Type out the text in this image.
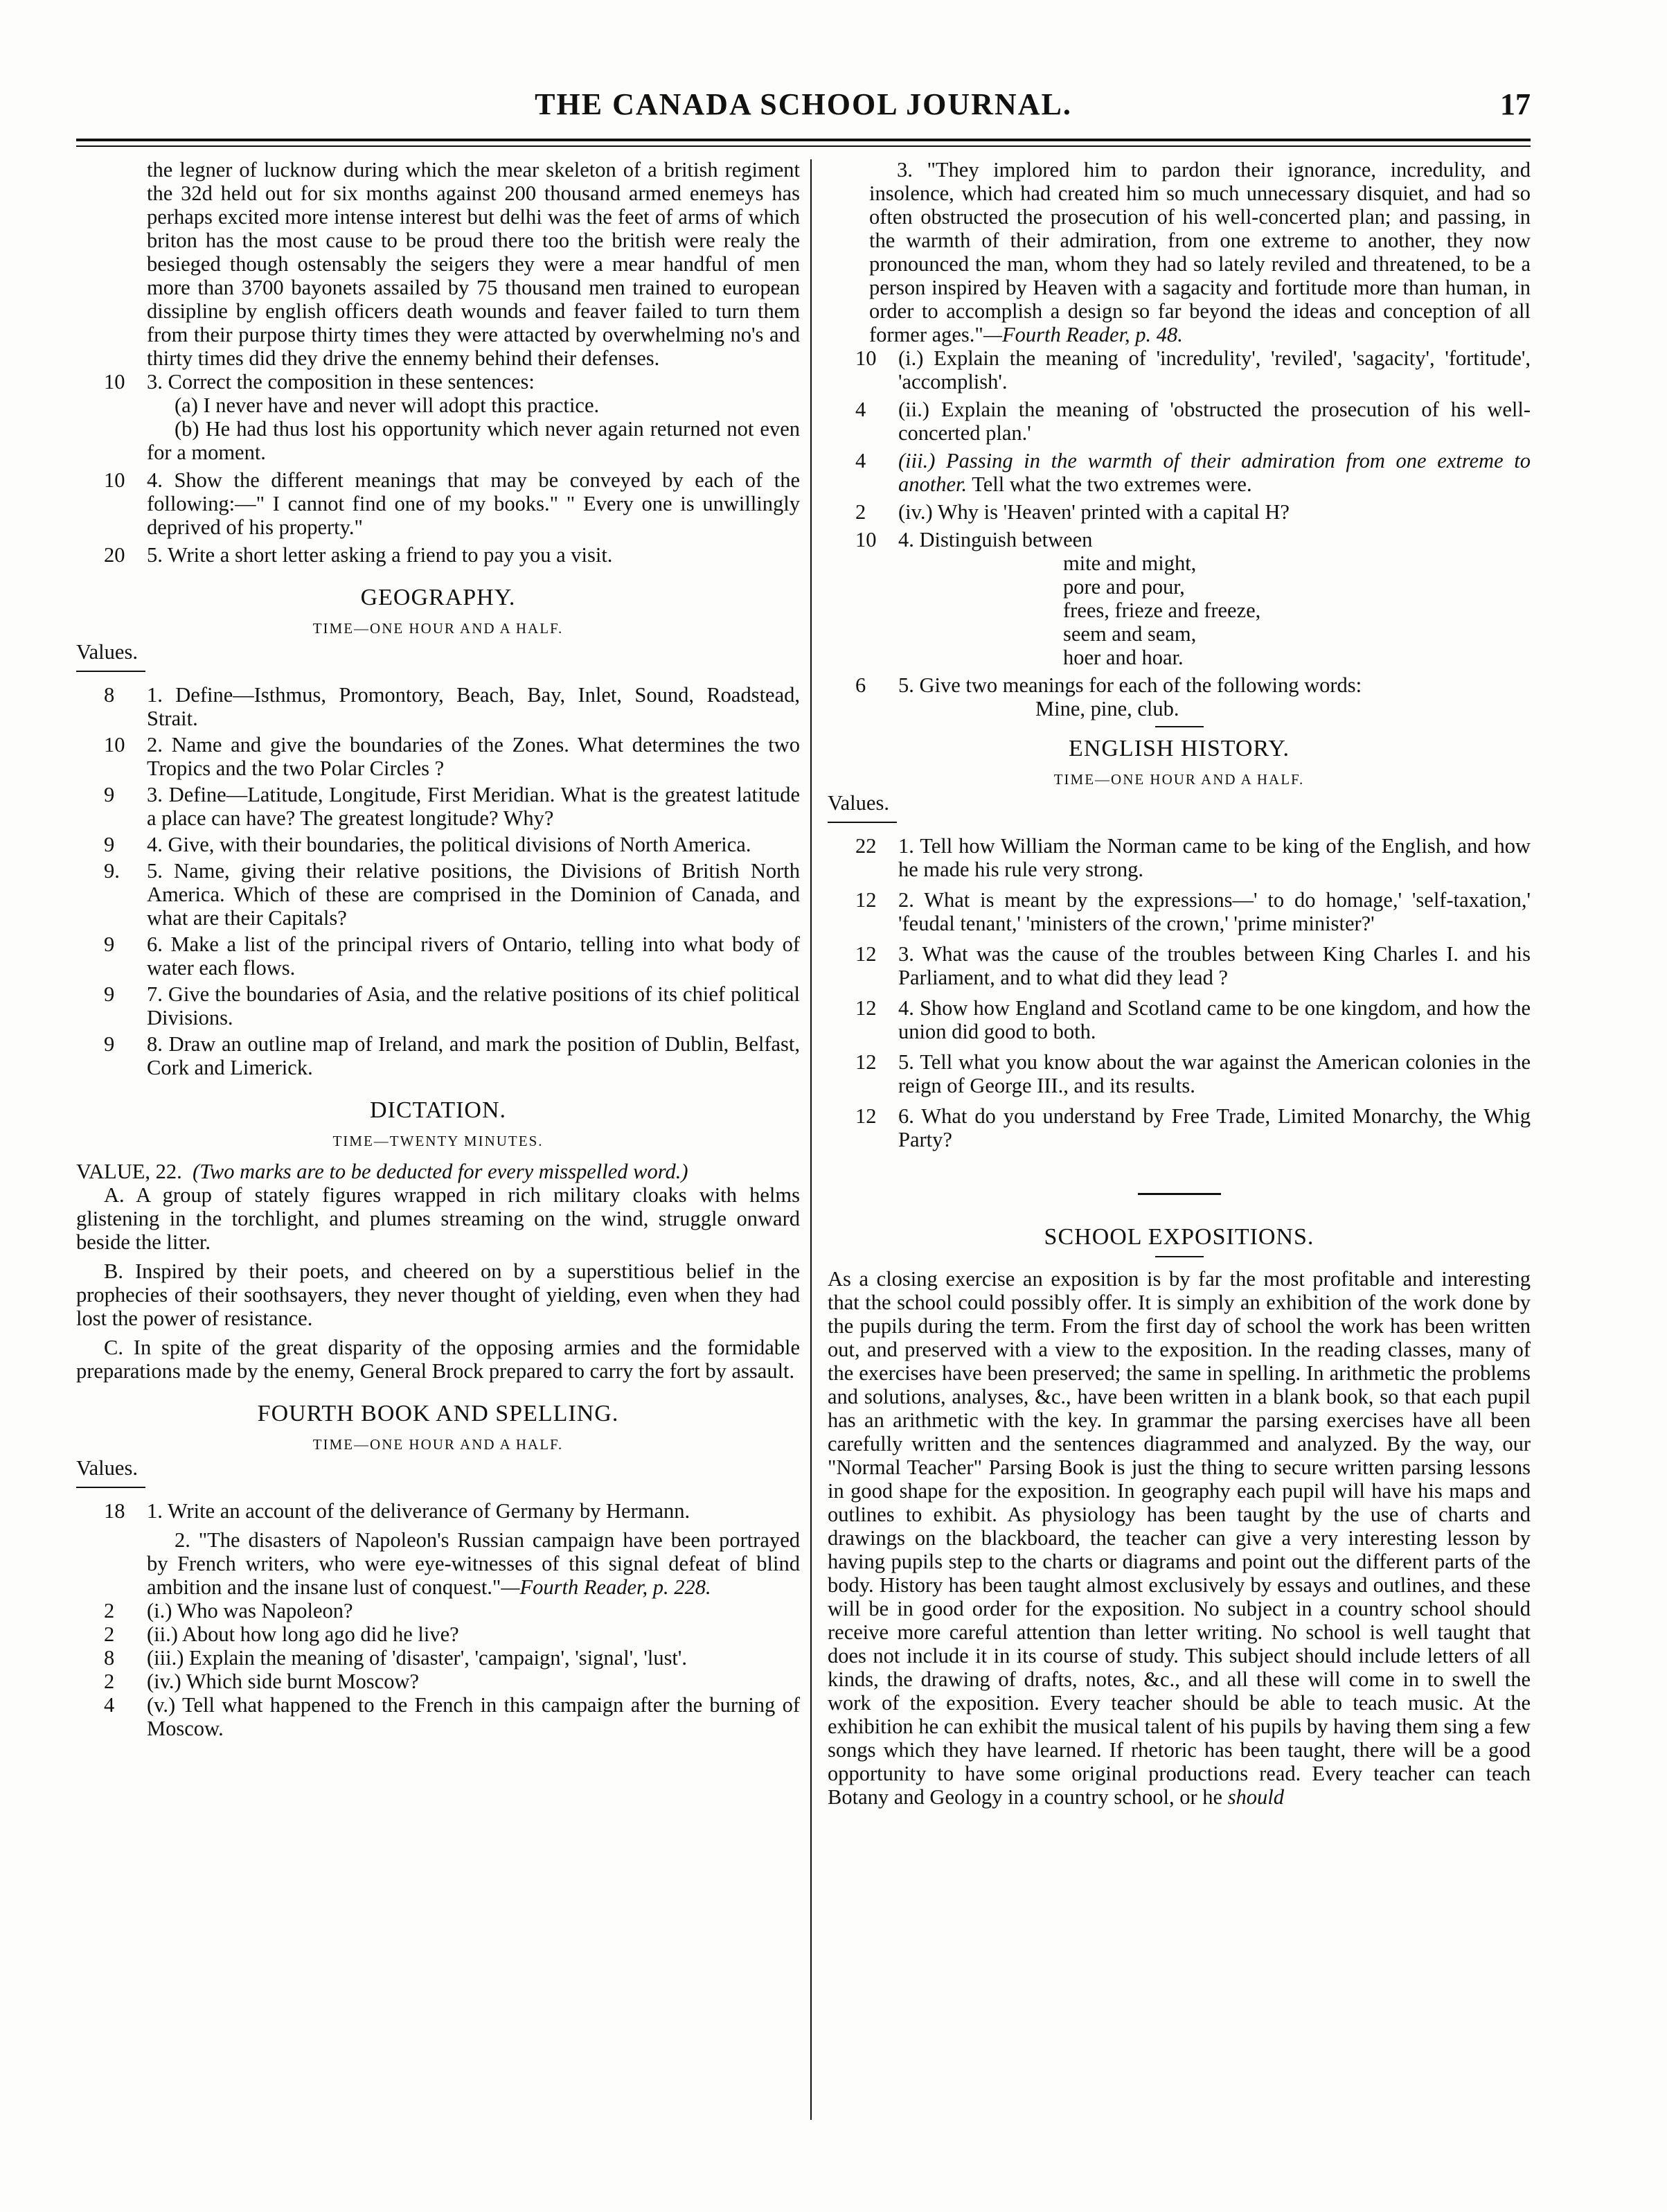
THE CANADA SCHOOL JOURNAL.	17

the legner of lucknow during which the mear skeleton of a british regiment the 32d held out for six months against 200 thousand armed enemeys has perhaps excited more intense interest but delhi was the feet of arms of which briton has the most cause to be proud there too the british were realy the besieged though ostensably the seigers they were a mear handful of men more than 3700 bayonets assailed by 75 thousand men trained to european dissipline by english officers death wounds and feaver failed to turn them from their purpose thirty times they were attacted by overwhelming no's and thirty times did they drive the ennemy behind their defenses.

10	3. Correct the composition in these sentences:

(a) I never have and never will adopt this practice.

(b) He had thus lost his opportunity which never again returned not even for a moment.

10	4. Show the different meanings that may be conveyed by each of the following:—" I cannot find one of my books." " Every one is unwillingly deprived of his property."
20	5. Write a short letter asking a friend to pay you a visit.
GEOGRAPHY.
TIME—ONE HOUR AND A HALF.
Values.
8	1. Define—Isthmus, Promontory, Beach, Bay, Inlet, Sound, Roadstead, Strait.
10	2. Name and give the boundaries of the Zones. What determines the two Tropics and the two Polar Circles ?
9	3. Define—Latitude, Longitude, First Meridian. What is the greatest latitude a place can have? The greatest longitude? Why?
9	4. Give, with their boundaries, the political divisions of North America.
9.	5. Name, giving their relative positions, the Divisions of British North America. Which of these are comprised in the Dominion of Canada, and what are their Capitals?
9	6. Make a list of the principal rivers of Ontario, telling into what body of water each flows.
9	7. Give the boundaries of Asia, and the relative positions of its chief political Divisions.
9	8. Draw an outline map of Ireland, and mark the position of Dublin, Belfast, Cork and Limerick.
DICTATION.
TIME—TWENTY MINUTES.

VALUE, 22. (Two marks are to be deducted for every misspelled word.)

A. A group of stately figures wrapped in rich military cloaks with helms glistening in the torchlight, and plumes streaming on the wind, struggle onward beside the litter.

B. Inspired by their poets, and cheered on by a superstitious belief in the prophecies of their soothsayers, they never thought of yielding, even when they had lost the power of resistance.

C. In spite of the great disparity of the opposing armies and the formidable preparations made by the enemy, General Brock prepared to carry the fort by assault.

FOURTH BOOK AND SPELLING.
TIME—ONE HOUR AND A HALF.
Values.
18	1. Write an account of the deliverance of Germany by Hermann.

2. "The disasters of Napoleon's Russian campaign have been portrayed by French writers, who were eye-witnesses of this signal defeat of blind ambition and the insane lust of conquest."—Fourth Reader, p. 228.

2	(i.) Who was Napoleon?
2	(ii.) About how long ago did he live?
8	(iii.) Explain the meaning of 'disaster', 'campaign', 'signal', 'lust'.
2	(iv.) Which side burnt Moscow?
4	(v.) Tell what happened to the French in this campaign after the burning of Moscow.

3. "They implored him to pardon their ignorance, incredulity, and insolence, which had created him so much unnecessary disquiet, and had so often obstructed the prosecution of his well-concerted plan; and passing, in the warmth of their admiration, from one extreme to another, they now pronounced the man, whom they had so lately reviled and threatened, to be a person inspired by Heaven with a sagacity and fortitude more than human, in order to accomplish a design so far beyond the ideas and conception of all former ages."—Fourth Reader, p. 48.

10	(i.) Explain the meaning of 'incredulity', 'reviled', 'sagacity', 'fortitude', 'accomplish'.
4	(ii.) Explain the meaning of 'obstructed the prosecution of his well-concerted plan.'
4	(iii.) Passing in the warmth of their admiration from one extreme to another. Tell what the two extremes were.
2	(iv.) Why is 'Heaven' printed with a capital H?
10	4. Distinguish between

mite and might,

pore and pour,

frees, frieze and freeze,

seem and seam,

hoer and hoar.

6	5. Give two meanings for each of the following words:

Mine, pine, club.

ENGLISH HISTORY.
TIME—ONE HOUR AND A HALF.
Values.
22	1. Tell how William the Norman came to be king of the English, and how he made his rule very strong.
12	2. What is meant by the expressions—' to do homage,' 'self-taxation,' 'feudal tenant,' 'ministers of the crown,' 'prime minister?'
12	3. What was the cause of the troubles between King Charles I. and his Parliament, and to what did they lead ?
12	4. Show how England and Scotland came to be one kingdom, and how the union did good to both.
12	5. Tell what you know about the war against the American colonies in the reign of George III., and its results.
12	6. What do you understand by Free Trade, Limited Monarchy, the Whig Party?
SCHOOL EXPOSITIONS.

As a closing exercise an exposition is by far the most profitable and interesting that the school could possibly offer. It is simply an exhibition of the work done by the pupils during the term. From the first day of school the work has been written out, and preserved with a view to the exposition. In the reading classes, many of the exercises have been preserved; the same in spelling. In arithmetic the problems and solutions, analyses, &c., have been written in a blank book, so that each pupil has an arithmetic with the key. In grammar the parsing exercises have all been carefully written and the sentences diagrammed and analyzed. By the way, our "Normal Teacher" Parsing Book is just the thing to secure written parsing lessons in good shape for the exposition. In geography each pupil will have his maps and outlines to exhibit. As physiology has been taught by the use of charts and drawings on the blackboard, the teacher can give a very interesting lesson by having pupils step to the charts or diagrams and point out the different parts of the body. History has been taught almost exclusively by essays and outlines, and these will be in good order for the exposition. No subject in a country school should receive more careful attention than letter writing. No school is well taught that does not include it in its course of study. This subject should include letters of all kinds, the drawing of drafts, notes, &c., and all these will come in to swell the work of the exposition. Every teacher should be able to teach music. At the exhibition he can exhibit the musical talent of his pupils by having them sing a few songs which they have learned. If rhetoric has been taught, there will be a good opportunity to have some original productions read. Every teacher can teach Botany and Geology in a country school, or he should
